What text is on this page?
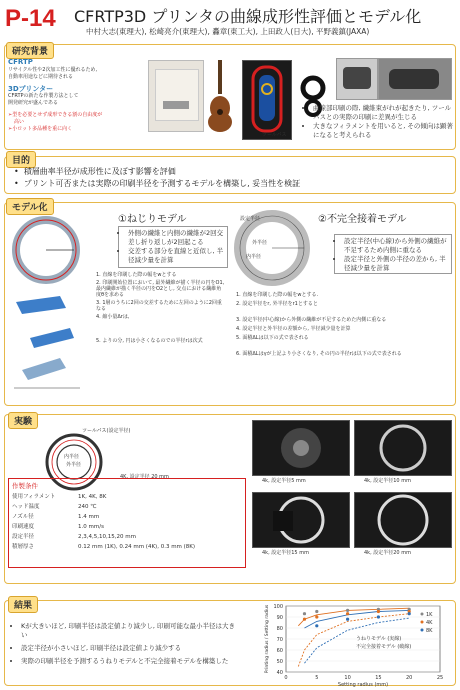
P-14	CFRTP3D プリンタの曲線成形性評価とモデル化
中村大志(東理大), 松崎亮介(東理大), 轟章(東工大), 上田政人(日大), 平野義鎮(JAXA)
研究背景
CFRTP
リサイクル性や2次加工性に優れるため,
自動車用途などに期待される
3Dプリンター
CFRTPの新たな作製方法として
開発研究が盛んである
➢型を必要とせず成形できる割の自由度が
高い
➢小ロット多品種を重に向く
ツールパス
• 曲線部印刷の際, 繊維束がれが起きたり, ツールパスとの実際の印刷に差異が生じる
• 大きなフィラメントを用いると, その傾向は顕著になると考えられる
目的
•  積層曲率半径が成形性に及ぼす影響を評価
•  プリント可否または実際の印刷半径を予測するモデルを構築し, 妥当性を検証
モデル化
①ねじりモデル
• 外側の繊維と内側の繊維が2回交差し折り返しが2回起こる
• 交差する部分を直線と近似し, 半径減少量を計算
1. 直線を印刷した際の幅をwとする
2. 印刷開始位置において, 最外繊維が描く半径の円をO1, 最内繊維が描く半径の円をO2とし, 交点における繊維角度θを求める
3. 1層のうちに2回の交差するために左回のように2回重なる
4. 縮小量Δrは,
5. よりの分, 円は小さくなるのでの半径rは次式
設定半径
外半径
内半径
②不完全接着モデル
• 設定半径(中心線)から外側の繊維が不足するため内側に重なる
• 設定半径と外側の半径の差から, 半径減少量を計算
1. 直線を印刷した際の幅をwとする.
2. 設定半径をr, 外半径をr1とすると
3. 設定半径(中心線)から外側の繊維が不足するためた内側に重なる
4. 設定半径と外半径の差額から, 半径減少量を計算
5. 面積ΔLは以下の式で表される
6. 面積ΔLはγが上記より小さくなり, その円の半径rは以下の式で表される
実験
ツールパス(設定半径)
内半径
外半径
4K, 設定半径 20 mm
作製条件
使用フィラメント	1K, 4K, 8K
ヘッド温度	240 ℃
ノズル径	1.4 mm
印刷速度	1.0 mm/s
設定半径	2,3,4,5,10,15,20 mm
積層厚さ	0.12 mm (1K), 0.24 mm (4K), 0.3 mm (8K)
4k, 設定半径5 mm	4k, 設定半径10 mm
4k, 設定半径15 mm	4k, 設定半径20 mm
結果
• Kが大きいほど, 印刷半径は設定値より減少し, 印刷可能な最小半径は大きい
• 設定半径が小さいほど, 印刷半径は設定値より減少する
• 実際の印刷半径を予測するうねりモデルと不完全接着モデルを構築した
40
50
60
70
80
90
100
0	5	10	15	20	25
Setting radius (mm)
Printing radius / Setting radius	1K
4K
8K
うねりモデル (実線)
不完全接着モデル (破線)
